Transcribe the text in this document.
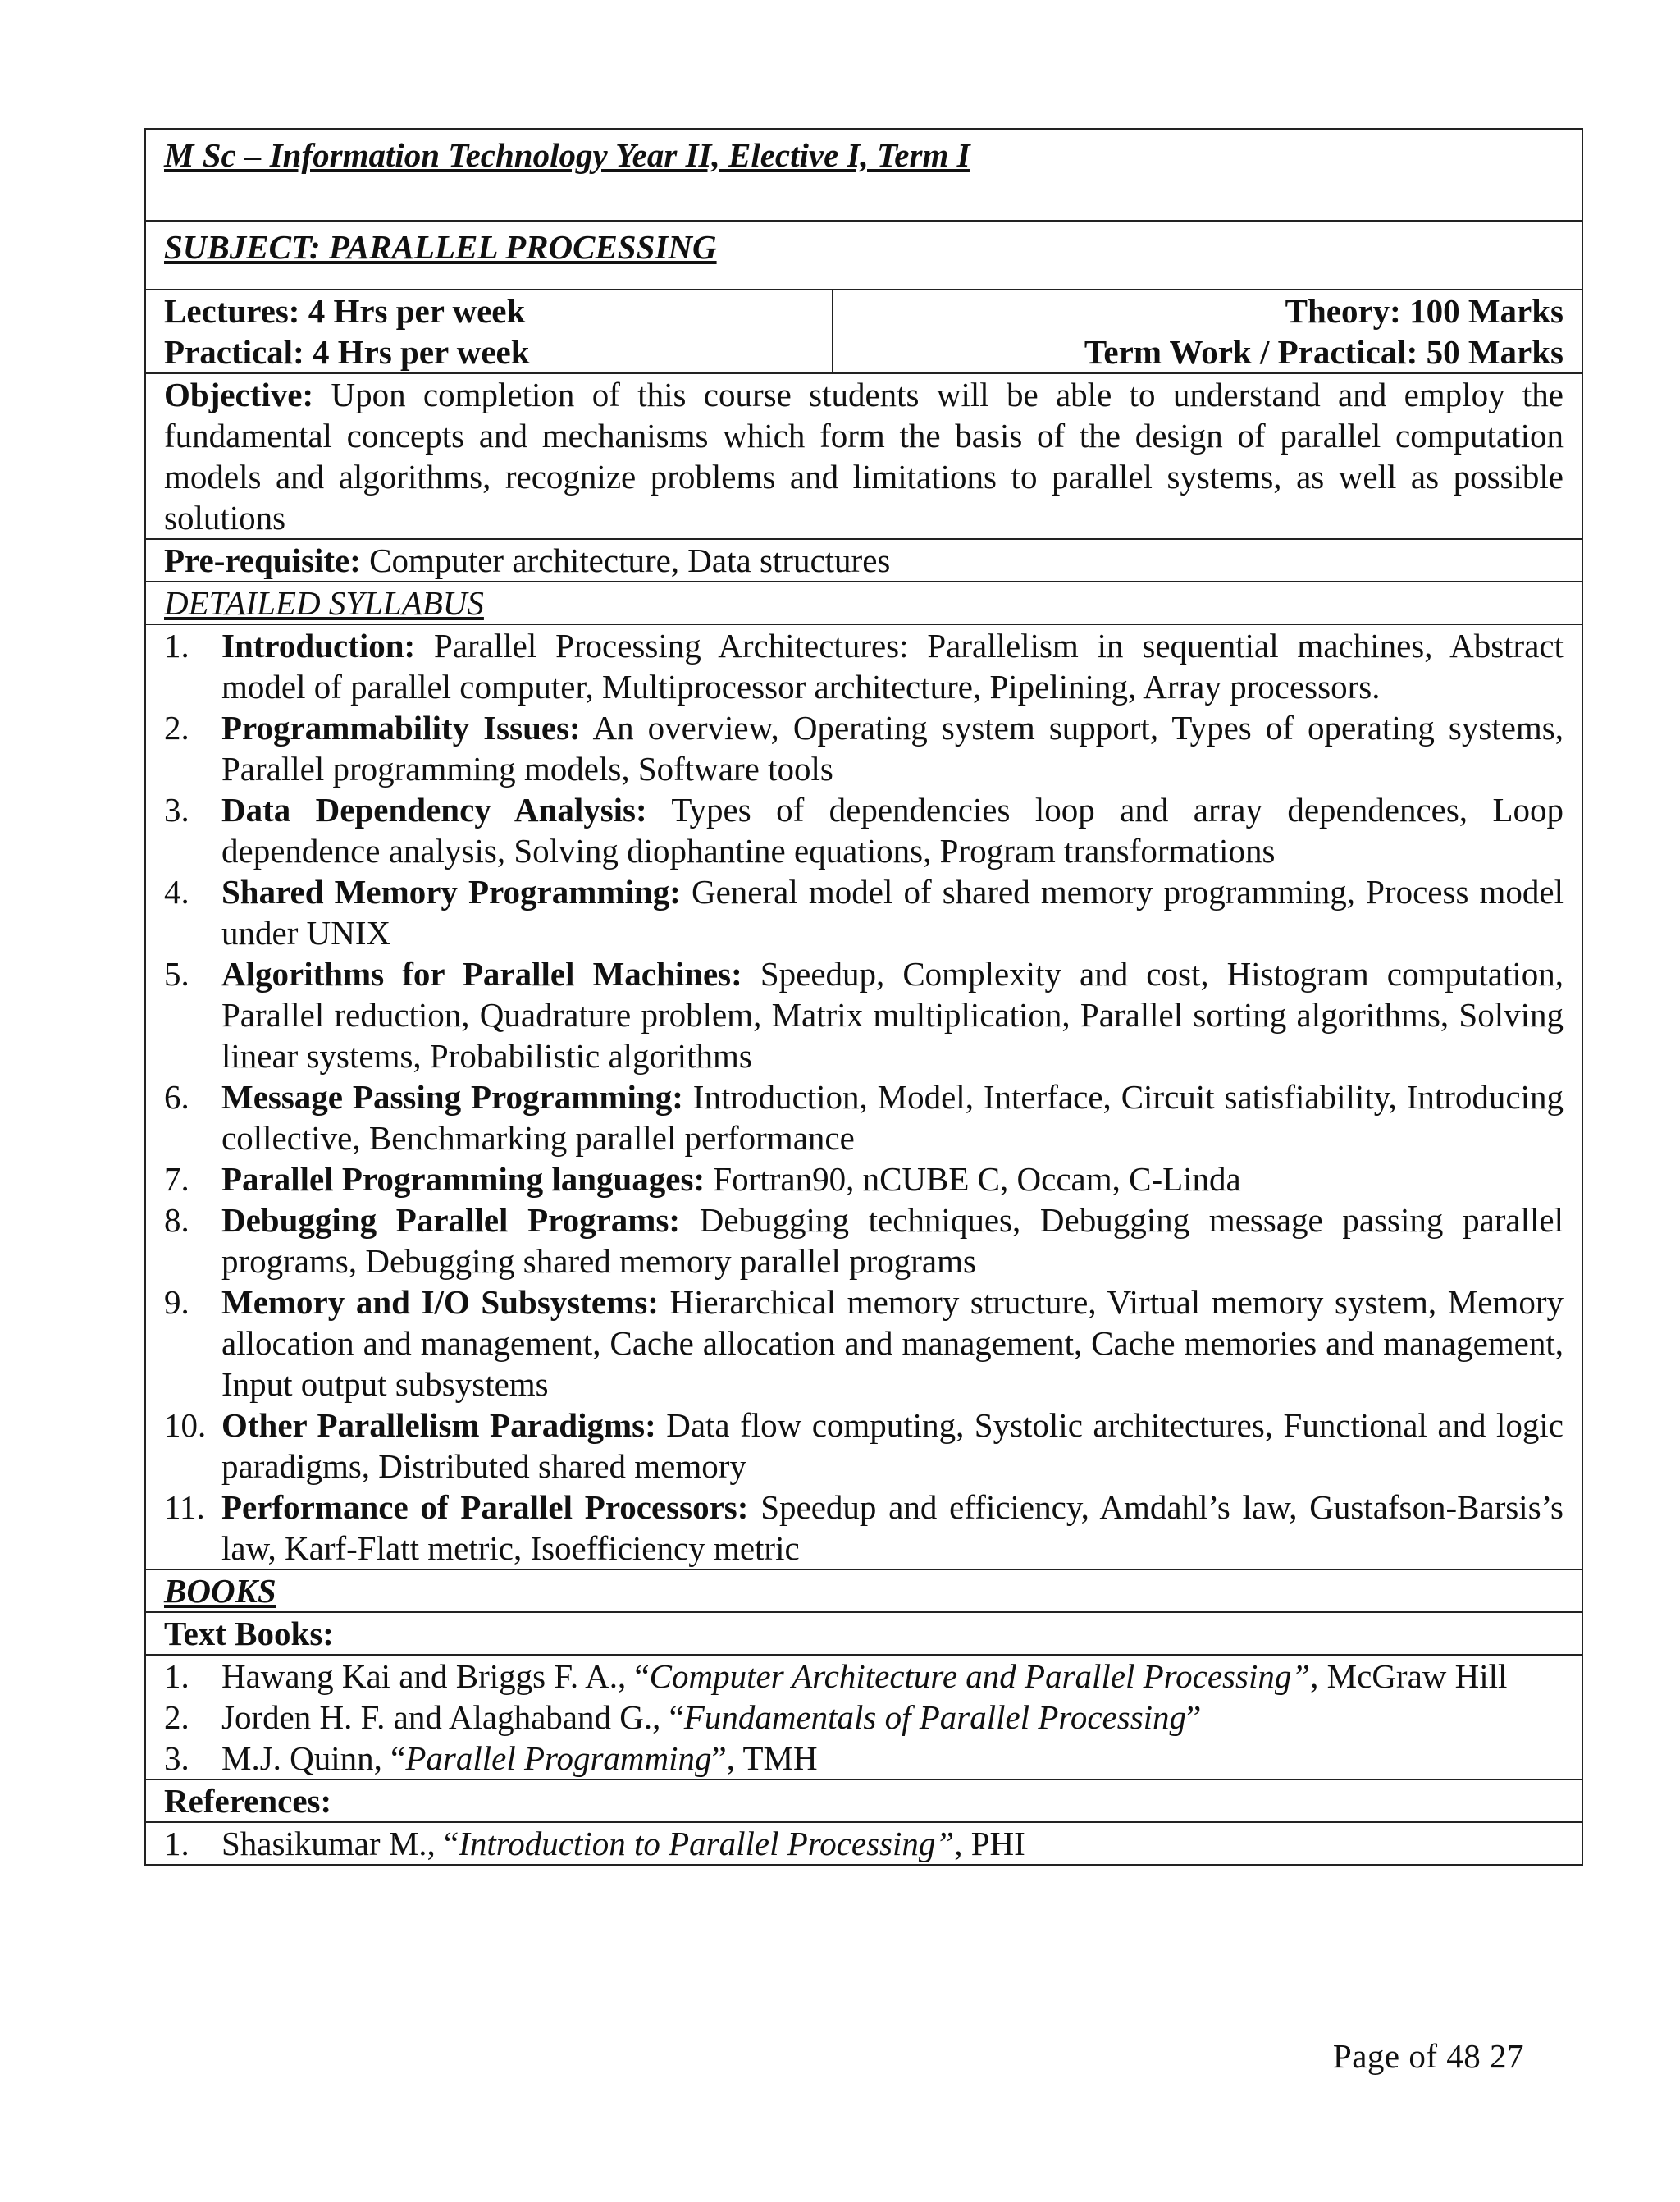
M Sc – Information Technology Year II, Elective I, Term I
SUBJECT: PARALLEL PROCESSING

Lectures: 4 Hrs per week
Practical: 4 Hrs per week

Theory: 100 Marks
Term Work / Practical: 50 Marks

Objective: Upon completion of this course students will be able to understand and employ the fundamental concepts and mechanisms which form the basis of the design of parallel computation models and algorithms, recognize problems and limitations to parallel systems, as well as possible solutions
Pre-requisite: Computer architecture, Data structures
DETAILED SYLLABUS

1. Introduction: Parallel Processing Architectures: Parallelism in sequential machines, Abstract model of parallel computer, Multiprocessor architecture, Pipelining, Array processors.
2. Programmability Issues: An overview, Operating system support, Types of operating systems, Parallel programming models, Software tools
3. Data Dependency Analysis: Types of dependencies loop and array dependences, Loop dependence analysis, Solving diophantine equations, Program transformations
4. Shared Memory Programming: General model of shared memory programming, Process model under UNIX
5. Algorithms for Parallel Machines: Speedup, Complexity and cost, Histogram computation, Parallel reduction, Quadrature problem, Matrix multiplication, Parallel sorting algorithms, Solving linear systems, Probabilistic algorithms
6. Message Passing Programming: Introduction, Model, Interface, Circuit satisfiability, Introducing collective, Benchmarking parallel performance
7. Parallel Programming languages: Fortran90, nCUBE C, Occam, C-Linda
8. Debugging Parallel Programs: Debugging techniques, Debugging message passing parallel programs, Debugging shared memory parallel programs
9. Memory and I/O Subsystems: Hierarchical memory structure, Virtual memory system, Memory allocation and management, Cache allocation and management, Cache memories and management, Input output subsystems
10. Other Parallelism Paradigms: Data flow computing, Systolic architectures, Functional and logic paradigms, Distributed shared memory
11. Performance of Parallel Processors: Speedup and efficiency, Amdahl’s law, Gustafson-Barsis’s law, Karf-Flatt metric, Isoefficiency metric

BOOKS
Text Books:

1. Hawang Kai and Briggs F. A., “Computer Architecture and Parallel Processing”, McGraw Hill
2. Jorden H. F. and Alaghaband G., “Fundamentals of Parallel Processing”
3. M.J. Quinn, “Parallel Programming”, TMH

References:

1. Shasikumar M., “Introduction to Parallel Processing”, PHI
Page of 48 27
